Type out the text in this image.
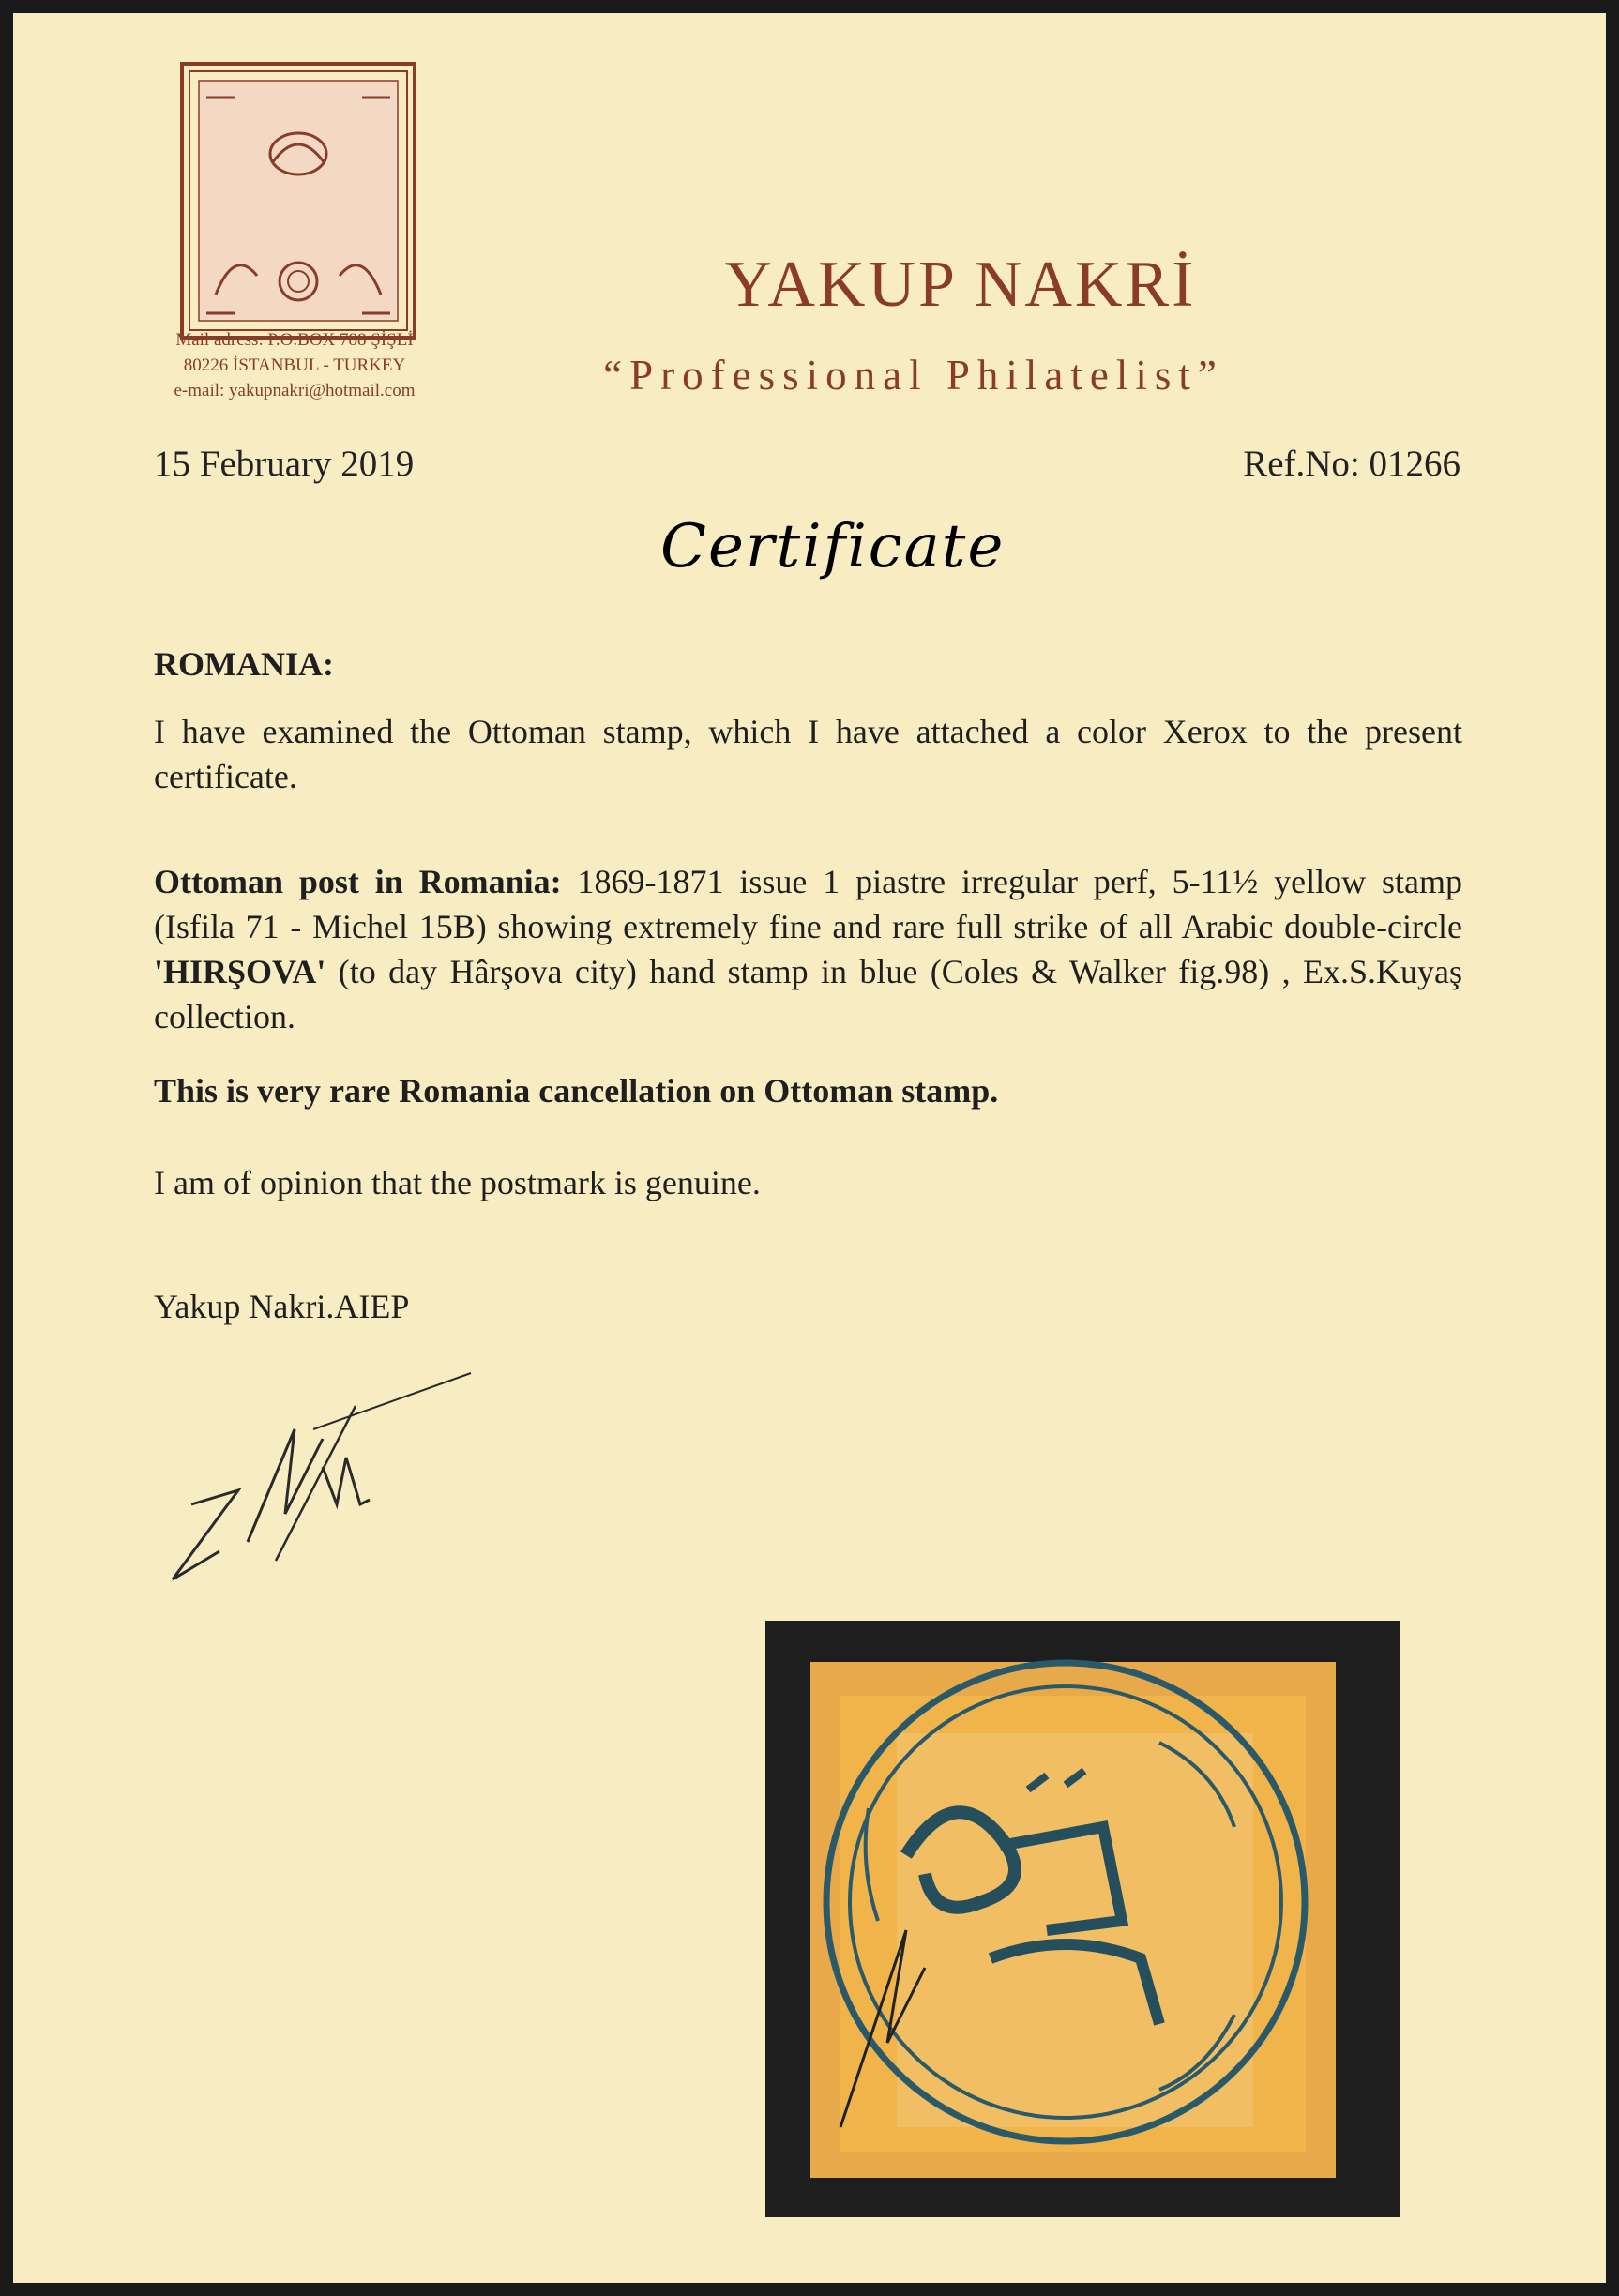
Mail adress: P.O.BOX 788 ŞİŞLİ
80226 İSTANBUL - TURKEY
e-mail: yakupnakri@hotmail.com
YAKUP NAKRİ
“Professional Philatelist”
15 February 2019	Ref.No: 01266
Certificate
ROMANIA:
I have examined the Ottoman stamp, which I have attached a color Xerox to the present certificate.
Ottoman post in Romania: 1869-1871 issue 1 piastre irregular perf, 5-11½ yellow stamp (Isfila 71 - Michel 15B) showing extremely fine and rare full strike of all Arabic double-circle 'HIRŞOVA' (to day Hârşova city) hand stamp in blue (Coles & Walker fig.98) , Ex.S.Kuyaş collection.
This is very rare Romania cancellation on Ottoman stamp.
I am of opinion that the postmark is genuine.
Yakup Nakri.AIEP
